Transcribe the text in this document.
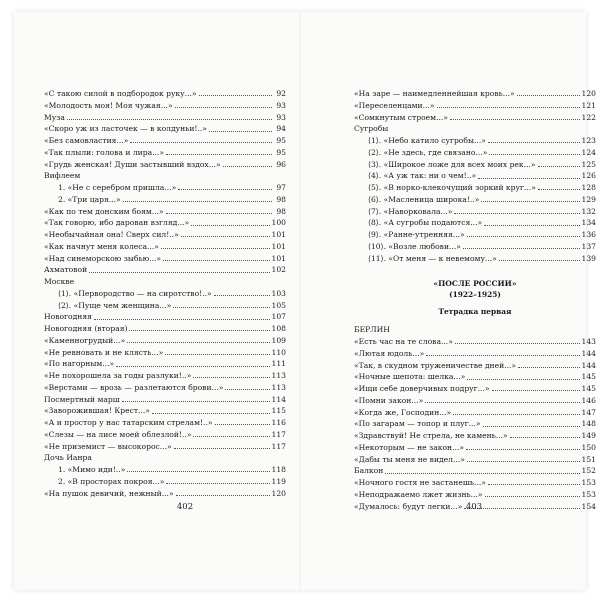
«С такою силой в подбородок руку...»	92
«Молодость моя! Моя чужая...»	93
Муза	93
«Скоро уж из ласточек — в колдуньи!..»	94
«Без самовластия...»	95
«Так плыли: голова и лира...»	95
«Грудь женская! Души застывший вздох...»	96
Вифлеем
1. «Не с серебром пришла...»	97
2. «Три царя...»	98
«Как по тем донским боям...»	98
«Так говорю, ибо дарован взгляд...»	100
«Необычайная она! Сверх сил!..»	101
«Как начнут меня колеса...»	101
«Над синеморскою зыбью...»	101
Ахматовой	102
Москве
⟨1⟩. «Первородство — на сиротство!..»	103
⟨2⟩. «Пуще чем женщина...»	105
Новогодняя	107
Новогодняя (вторая)	108
«Каменногрудый...»	109
«Не ревновать и не клясть...»	110
«По нагорным...»	111
«Не похорошела за годы разлуки!..»	113
«Верстами — врозь — разлетаются брови...»	113
Посмертный марш	114
«Заворожившая! Крест...»	115
«А и простор у нас татарским стрелам!..»	116
«Слезы — на лисе моей облезлой!..»	117
«Не приземист — высокорос...»	117
Дочь Ианра
1. «Мимо иди!..»	118
2. «В просторах покроя...»	119
«На пушок девичий, нежный...»	120
«На заре — наимедленнейшая кровь...»	120
«Переселенцами...»	121
«Сомкнутым строем...»	122
Сугробы
⟨1⟩. «Небо катило сугробы...»	123
⟨2⟩. «Не здесь, где связано...»	124
⟨3⟩. «Широкое ложе для всех моих рек...»	125
⟨4⟩. «А уж так: ни о чем!..»	126
⟨5⟩. «В норко-клекочущий зоркий круг...»	128
⟨6⟩. «Масленица широка!..»	129
⟨7⟩. «Наворковала...»	132
⟨8⟩. «А сугробы подаются...»	134
⟨9⟩. «Ранне-утренняя...»	136
⟨10⟩. «Возле любови...»	137
⟨11⟩. «От меня — к невемому...»	139
«ПОСЛЕ РОССИИ»
(1922–1925)
Тетрадка первая
БЕРЛИН
«Есть час на те слова...»	143
«Лютая юдоль...»	144
«Так, в скудном труженичестве дней...»	144
«Ночные шепота: шелка...»	145
«Ищи себе доверчивых подруг...»	145
«Помни закон...»	146
«Когда же, Господин...»	147
«По загарам — топор и плуг...»	148
«Здравствуй! Не стрела, не камень...»	149
«Некоторым — не закон...»	150
«Дабы ты меня не видел...»	151
Балкон	152
«Ночного гостя не застанешь...»	153
«Неподражаемо лжет жизнь...»	153
«Думалось: будут легки...»	154
402	403
